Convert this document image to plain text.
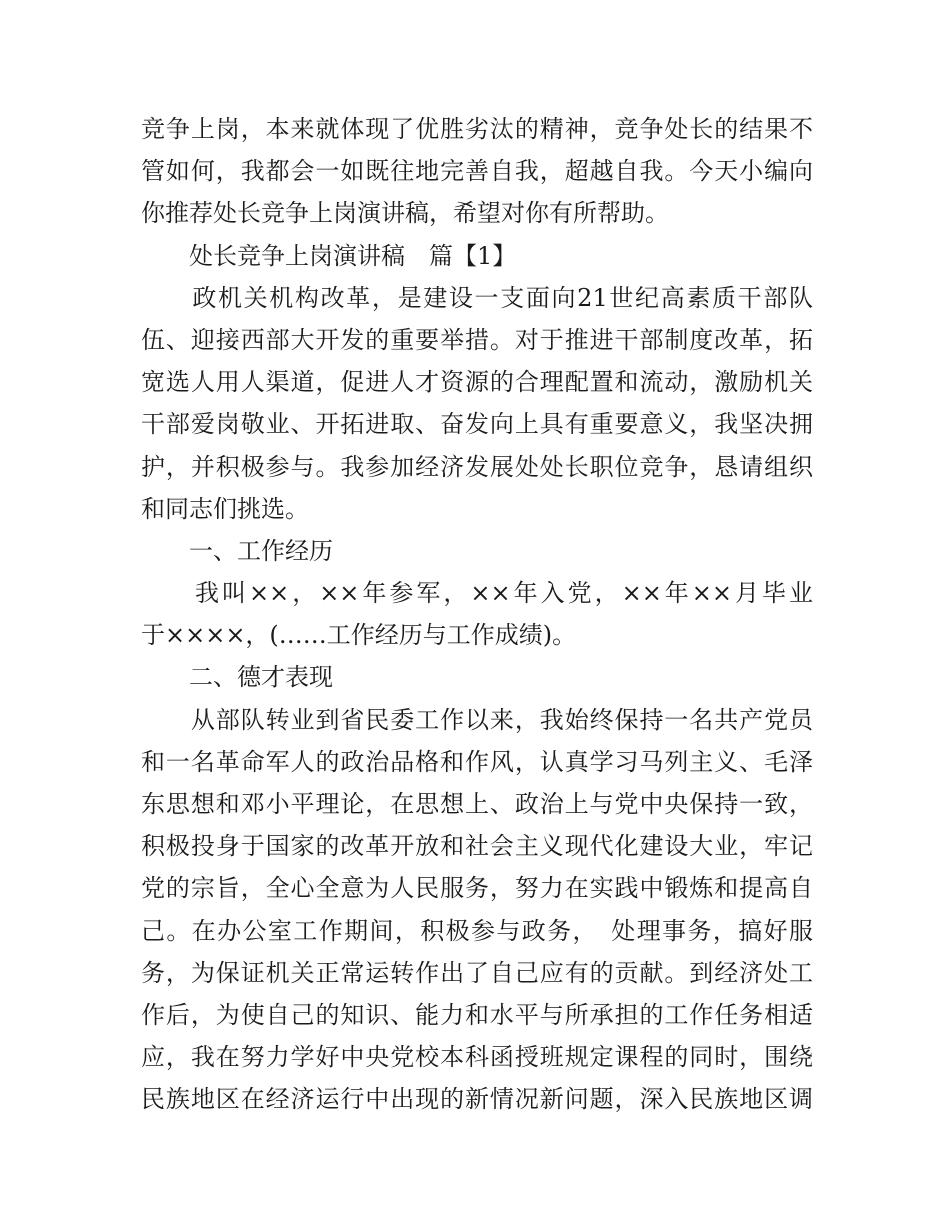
竞争上岗，本来就体现了优胜劣汰的精神，竞争处长的结果不
管如何，我都会一如既往地完善自我，超越自我。今天小编向
你推荐处长竞争上岗演讲稿，希望对你有所帮助。
　　处长竞争上岗演讲稿　篇【1】
　　政机关机构改革，是建设一支面向21世纪高素质干部队
伍、迎接西部大开发的重要举措。对于推进干部制度改革，拓
宽选人用人渠道，促进人才资源的合理配置和流动，激励机关
干部爱岗敬业、开拓进取、奋发向上具有重要意义，我坚决拥
护，并积极参与。我参加经济发展处处长职位竞争，恳请组织
和同志们挑选。
　　一、工作经历
　　我叫××，××年参军，××年入党，××年××月毕业
于××××，(……工作经历与工作成绩)。
　　二、德才表现
　　从部队转业到省民委工作以来，我始终保持一名共产党员
和一名革命军人的政治品格和作风，认真学习马列主义、毛泽
东思想和邓小平理论，在思想上、政治上与党中央保持一致，
积极投身于国家的改革开放和社会主义现代化建设大业，牢记
党的宗旨，全心全意为人民服务，努力在实践中锻炼和提高自
己。在办公室工作期间，积极参与政务，　处理事务，搞好服
务，为保证机关正常运转作出了自己应有的贡献。到经济处工
作后，为使自己的知识、能力和水平与所承担的工作任务相适
应，我在努力学好中央党校本科函授班规定课程的同时，围绕
民族地区在经济运行中出现的新情况新问题，深入民族地区调
